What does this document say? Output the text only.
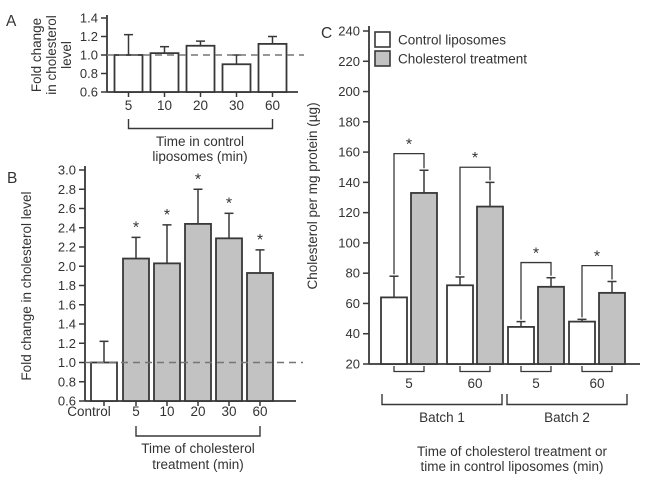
1.4
1.2
1.0
0.8
0.6
Fold change in cholesterol level
A
5 10 20 30 60
Time in control
liposomes (min)
3.0
2.8
2.6
2.4
2.2
2.0
1.8
1.6
1.4
1.2
1.0
0.8
0.6
Fold change in cholesterol level
B
Control 5
*
10
*
20
*
30
*
60
*
Time of cholesterol
treatment (min)
240
220
200
180
160
140
120
100
80
60
40
20
Cholesterol per mg protein (µg)
C	Control liposomes
Cholesterol treatment
*
5
*
60
*
5
*
60
Batch 1	Batch 2
Time of cholesterol treatment or
time in control liposomes (min)
